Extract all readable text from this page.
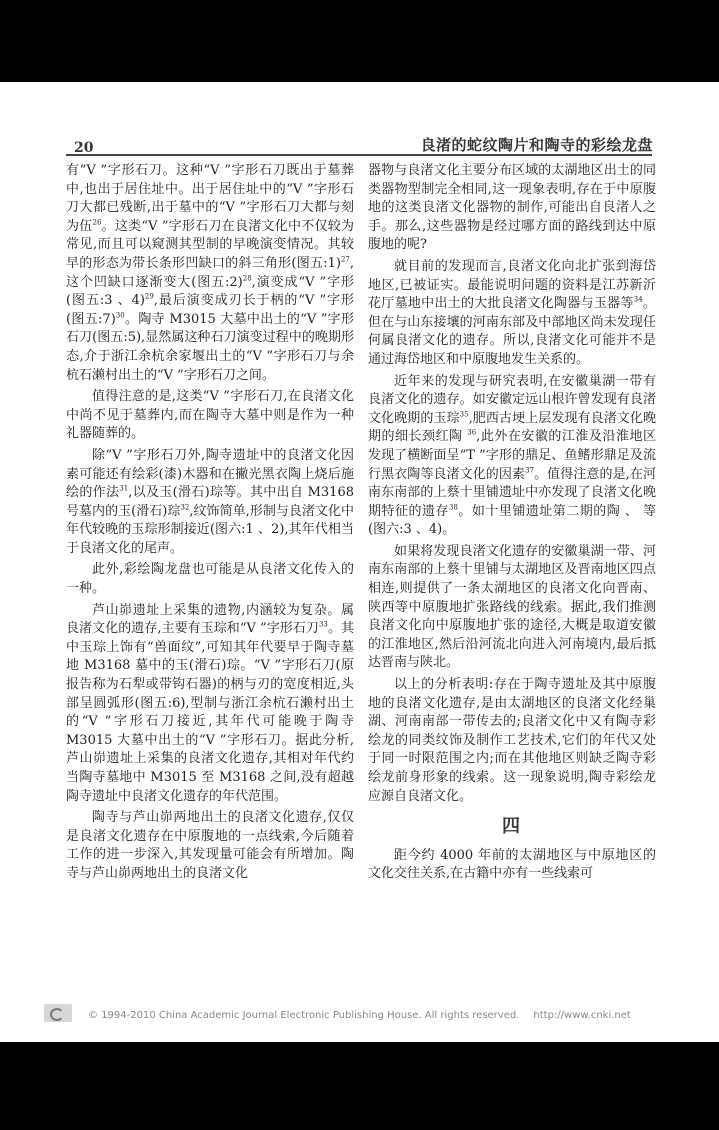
20	良渚的蛇纹陶片和陶寺的彩绘龙盘

有“V ”字形石刀。这种“V ”字形石刀既出于墓葬中,也出于居住址中。出于居住址中的“V ”字形石刀大都已残断,出于墓中的“V ”字形石刀大都与刻为伍$^{26}$。这类“V ”字形石刀在良渚文化中不仅较为常见,而且可以窥测其型制的早晚演变情况。其较早的形态为带长条形凹缺口的斜三角形(图五:1)$^{27}$,这个凹缺口逐渐变大(图五:2)$^{28}$,演变成“V ”字形(图五:3 、4)$^{29}$,最后演变成刃长于柄的“V ”字形(图五:7)$^{30}$。陶寺 M3015 大墓中出土的“V ”字形石刀(图五:5),显然属这种石刀演变过程中的晚期形态,介于浙江余杭余家堰出土的“V ”字形石刀与余杭石濑村出土的“V ”字形石刀之间。

值得注意的是,这类“V ”字形石刀,在良渚文化中尚不见于墓葬内,而在陶寺大墓中则是作为一种礼器随葬的。

除“V ”字形石刀外,陶寺遗址中的良渚文化因素可能还有绘彩(漆)木器和在撇光黑衣陶上烧后施绘的作法$^{31}$,以及玉(滑石)琮等。其中出自 M3168 号墓内的玉(滑石)琮$^{32}$,纹饰简单,形制与良渚文化中年代较晚的玉琮形制接近(图六:1 、2),其年代相当于良渚文化的尾声。

此外,彩绘陶龙盘也可能是从良渚文化传入的一种。

芦山峁遗址上采集的遗物,内涵较为复杂。属良渚文化的遗存,主要有玉琮和“V ”字形石刀$^{33}$。其中玉琮上饰有“兽面纹”,可知其年代要早于陶寺墓地 M3168 墓中的玉(滑石)琮。“V ”字形石刀(原报告称为石犁或带钩石器)的柄与刃的宽度相近,头部呈圆弧形(图五:6),型制与浙江余杭石濑村出土的“V ”字形石刀接近,其年代可能晚于陶寺 M3015 大墓中出土的“V ”字形石刀。据此分析,芦山峁遗址上采集的良渚文化遗存,其相对年代约当陶寺墓地中 M3015 至 M3168 之间,没有超越陶寺遗址中良渚文化遗存的年代范围。

陶寺与芦山峁两地出土的良渚文化遗存,仅仅是良渚文化遗存在中原腹地的一点线索,今后随着工作的进一步深入,其发现量可能会有所增加。陶寺与芦山峁两地出土的良渚文化

器物与良渚文化主要分布区域的太湖地区出土的同类器物型制完全相同,这一现象表明,存在于中原腹地的这类良渚文化器物的制作,可能出自良渚人之手。那么,这些器物是经过哪方面的路线到达中原腹地的呢?

就目前的发现而言,良渚文化向北扩张到海岱地区,已被证实。最能说明问题的资料是江苏新沂花厅墓地中出土的大批良渚文化陶器与玉器等$^{34}$。但在与山东接壤的河南东部及中部地区尚未发现任何属良渚文化的遗存。所以,良渚文化可能并不是通过海岱地区和中原腹地发生关系的。

近年来的发现与研究表明,在安徽巢湖一带有良渚文化的遗存。如安徽定远山根许曾发现有良渚文化晚期的玉琮$^{35}$,肥西古埂上层发现有良渚文化晚期的细长颈红陶 $^{36}$,此外在安徽的江淮及沿淮地区发现了横断面呈“T ”字形的鼎足、鱼鳍形鼎足及流行黑衣陶等良渚文化的因素$^{37}$。值得注意的是,在河南东南部的上蔡十里铺遗址中亦发现了良渚文化晚期特征的遗存$^{38}$。如十里铺遗址第二期的陶 、 等(图六:3 、4)。

如果将发现良渚文化遗存的安徽巢湖一带、河南东南部的上蔡十里铺与太湖地区及晋南地区四点相连,则提供了一条太湖地区的良渚文化向晋南、陕西等中原腹地扩张路线的线索。据此,我们推测良渚文化向中原腹地扩张的途径,大概是取道安徽的江淮地区,然后沿河流北向进入河南境内,最后抵达晋南与陕北。

以上的分析表明:存在于陶寺遗址及其中原腹地的良渚文化遗存,是由太湖地区的良渚文化经巢湖、河南南部一带传去的;良渚文化中又有陶寺彩绘龙的同类纹饰及制作工艺技术,它们的年代又处于同一时限范围之内;而在其他地区则缺乏陶寺彩绘龙前身形象的线索。这一现象说明,陶寺彩绘龙应源自良渚文化。

四

距今约 4000 年前的太湖地区与中原地区的文化交往关系,在古籍中亦有一些线索可

© 1994-2010 China Academic Journal Electronic Publishing House. All rights reserved. http://www.cnki.net
